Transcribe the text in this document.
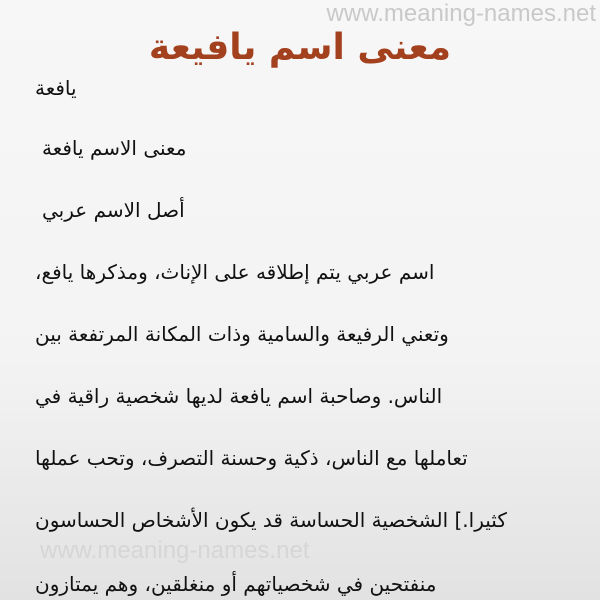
www.meaning-names.net
معنى اسم يافيعة
يافعة
معنى الاسم يافعة
أصل الاسم عربي
اسم عربي يتم إطلاقه على الإناث، ومذكرها يافع،
وتعني الرفيعة والسامية وذات المكانة المرتفعة بين
الناس. وصاحبة اسم يافعة لديها شخصية راقية في
تعاملها مع الناس، ذكية وحسنة التصرف، وتحب عملها
كثيرا.] الشخصية الحساسة قد يكون الأشخاص الحساسون
www.meaning-names.net
منفتحين في شخصياتهم أو منغلقين، وهم يمتازون
